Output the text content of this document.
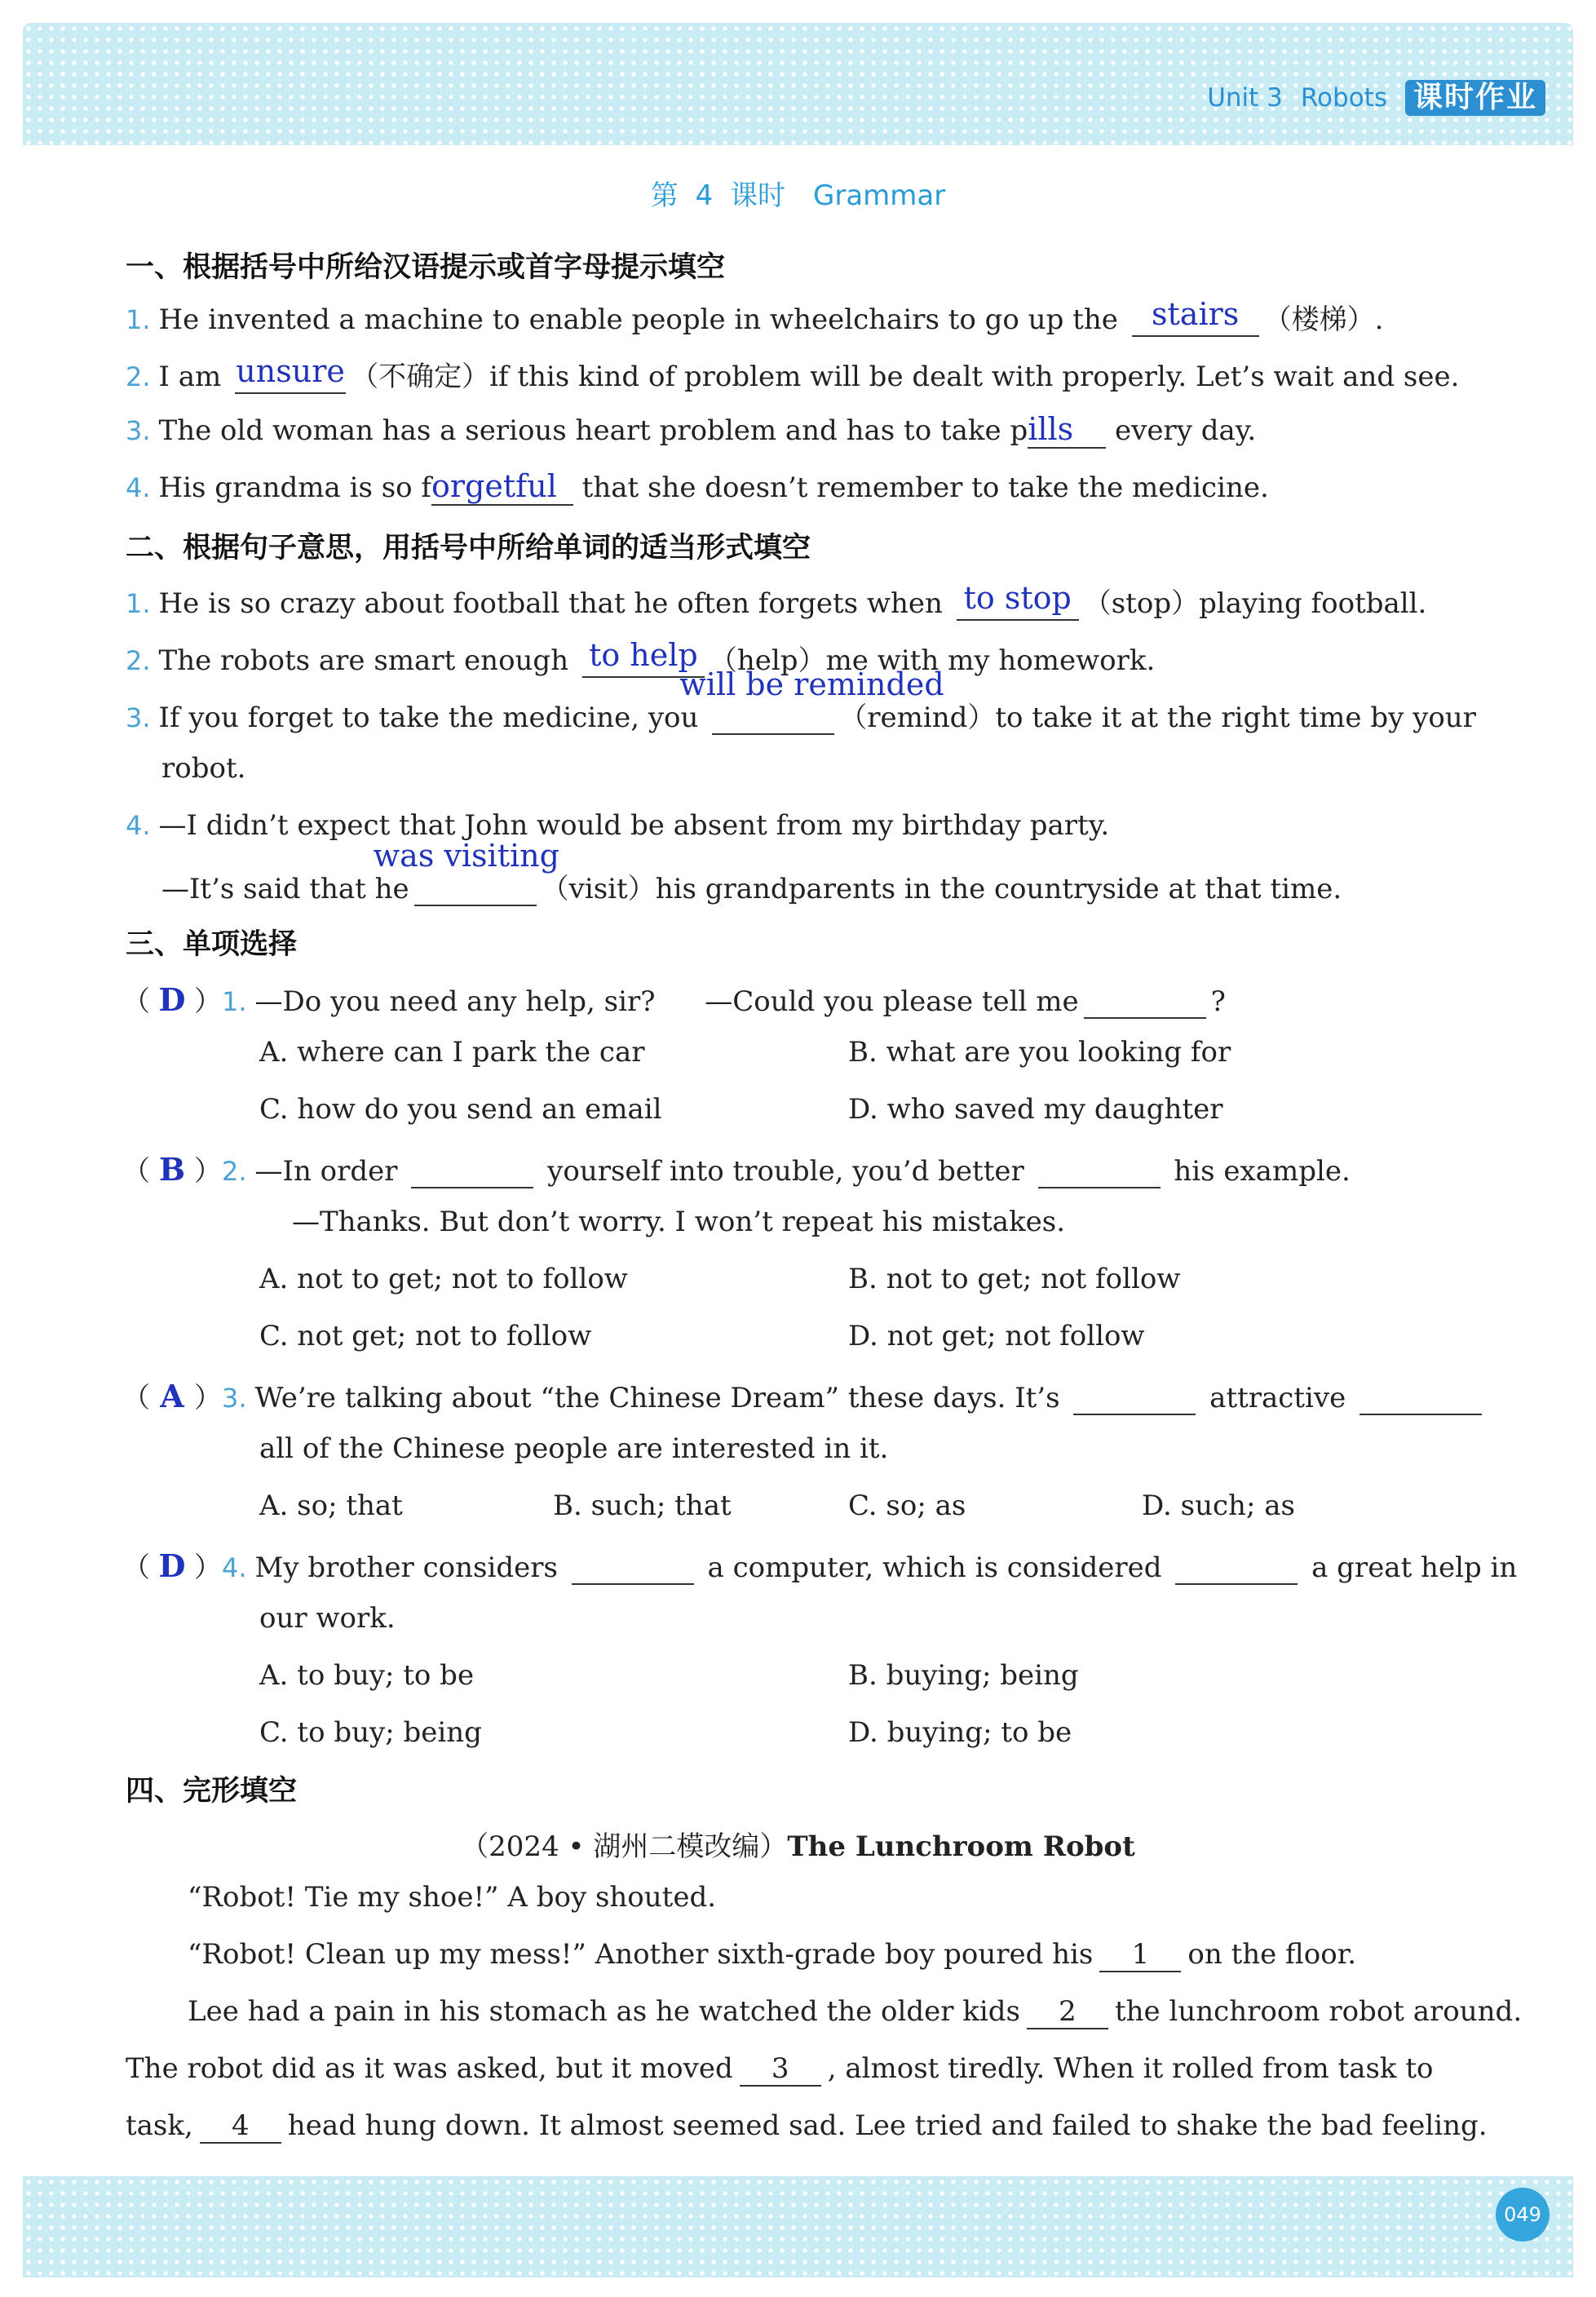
Unit 3 Robots 课时作业
第 4 课时　Grammar
一、根据括号中所给汉语提示或首字母提示填空
1. He invented a machine to enable people in wheelchairs to go up the	stairs （楼梯）.
2. I am unsure （不确定）if this kind of problem will be dealt with properly. Let’s wait and see.
3. The old woman has a serious heart problem and has to take pills every day.
4. His grandma is so forgetful that she doesn’t remember to take the medicine.
二、根据句子意思，用括号中所给单词的适当形式填空
1. He is so crazy about football that he often forgets when to stop （stop）playing football.
2. The robots are smart enough to help （help）me with my homework.
3. If you forget to take the medicine, you
will be reminded
（remind）to take it at the right time by your
robot.
4. —I didn’t expect that John would be absent from my birthday party.
—It’s said that he
was visiting
（visit）his grandparents in the countryside at that time.
三、单项选择
（ D ）1. —Do you need any help, sir? —Could you please tell me	?
A. where can I park the car	B. what are you looking for
C. how do you send an email	D. who saved my daughter
（ B ）2. —In order	yourself into trouble, you’d better	his example.
—Thanks. But don’t worry. I won’t repeat his mistakes.
A. not to get; not to follow	B. not to get; not follow
C. not get; not to follow	D. not get; not follow
（ A ）3. We’re talking about “the Chinese Dream” these days. It’s	attractive
all of the Chinese people are interested in it.
A. so; that	B. such; that	C. so; as	D. such; as
（ D ）4. My brother considers	a computer, which is considered	a great help in
our work.
A. to buy; to be	B. buying; being
C. to buy; being	D. buying; to be
四、完形填空
（2024 • 湖州二模改编）The Lunchroom Robot
“Robot! Tie my shoe!” A boy shouted.
“Robot! Clean up my mess!” Another sixth-grade boy poured his 1 on the floor.
Lee had a pain in his stomach as he watched the older kids 2 the lunchroom robot around.
The robot did as it was asked, but it moved 3 , almost tiredly. When it rolled from task to
task, 4 head hung down. It almost seemed sad. Lee tried and failed to shake the bad feeling.
049
